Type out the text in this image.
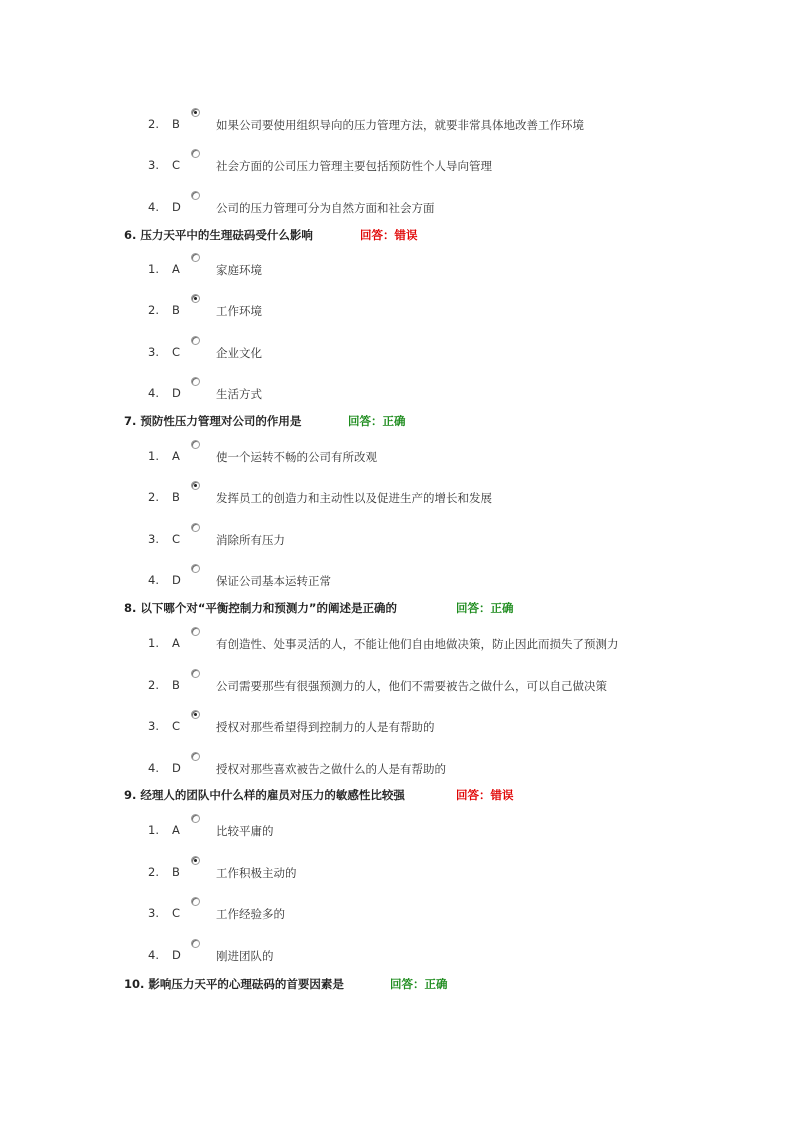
2. B	如果公司要使用组织导向的压力管理方法，就要非常具体地改善工作环境
3. C	社会方面的公司压力管理主要包括预防性个人导向管理
4. D	公司的压力管理可分为自然方面和社会方面
6. 压力天平中的生理砝码受什么影响	回答：错误
1. A	家庭环境
2. B	工作环境
3. C	企业文化
4. D	生活方式
7. 预防性压力管理对公司的作用是	回答：正确
1. A	使一个运转不畅的公司有所改观
2. B	发挥员工的创造力和主动性以及促进生产的增长和发展
3. C	消除所有压力
4. D	保证公司基本运转正常
8. 以下哪个对“平衡控制力和预测力”的阐述是正确的	回答：正确
1. A	有创造性、处事灵活的人，不能让他们自由地做决策，防止因此而损失了预测力
2. B	公司需要那些有很强预测力的人，他们不需要被告之做什么，可以自己做决策
3. C	授权对那些希望得到控制力的人是有帮助的
4. D	授权对那些喜欢被告之做什么的人是有帮助的
9. 经理人的团队中什么样的雇员对压力的敏感性比较强	回答：错误
1. A	比较平庸的
2. B	工作积极主动的
3. C	工作经验多的
4. D	刚进团队的
10. 影响压力天平的心理砝码的首要因素是	回答：正确
